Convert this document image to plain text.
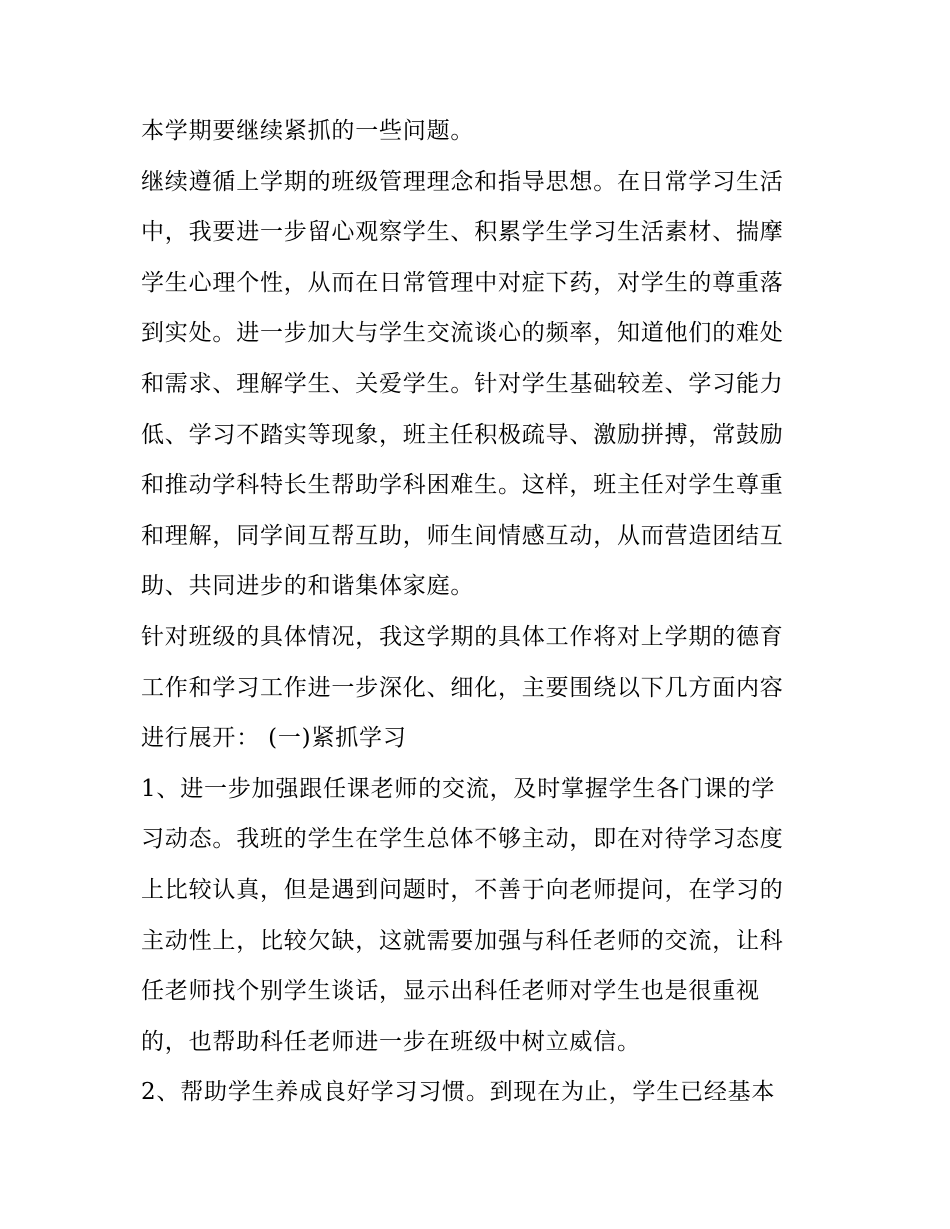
本学期要继续紧抓的一些问题。
继续遵循上学期的班级管理理念和指导思想。在日常学习生活
中，我要进一步留心观察学生、积累学生学习生活素材、揣摩
学生心理个性，从而在日常管理中对症下药，对学生的尊重落
到实处。进一步加大与学生交流谈心的频率，知道他们的难处
和需求、理解学生、关爱学生。针对学生基础较差、学习能力
低、学习不踏实等现象，班主任积极疏导、激励拼搏，常鼓励
和推动学科特长生帮助学科困难生。这样，班主任对学生尊重
和理解，同学间互帮互助，师生间情感互动，从而营造团结互
助、共同进步的和谐集体家庭。
针对班级的具体情况，我这学期的具体工作将对上学期的德育
工作和学习工作进一步深化、细化，主要围绕以下几方面内容
进行展开： (一)紧抓学习
1、进一步加强跟任课老师的交流，及时掌握学生各门课的学
习动态。我班的学生在学生总体不够主动，即在对待学习态度
上比较认真，但是遇到问题时，不善于向老师提问，在学习的
主动性上，比较欠缺，这就需要加强与科任老师的交流，让科
任老师找个别学生谈话，显示出科任老师对学生也是很重视
的，也帮助科任老师进一步在班级中树立威信。
2、帮助学生养成良好学习习惯。到现在为止，学生已经基本
